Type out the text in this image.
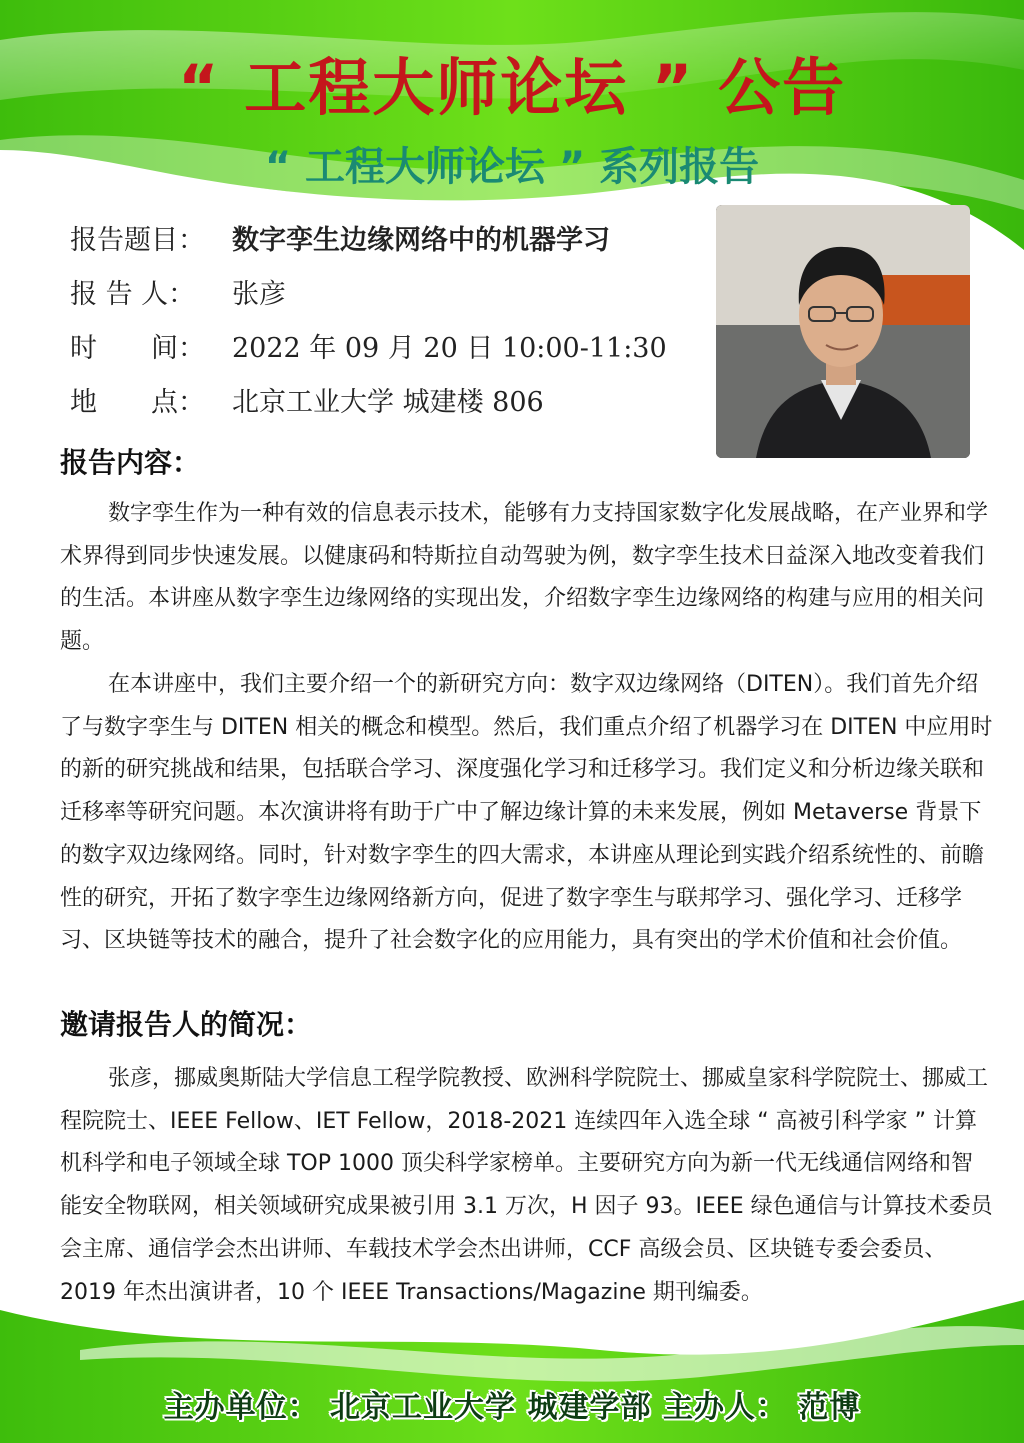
“ 工程大师论坛 ” 公告
“ 工程大师论坛 ” 系列报告
报告题目： 数字孪生边缘网络中的机器学习
报 告 人： 张彦
时　　间： 2022 年 09 月 20 日 10:00-11:30
地　　点： 北京工业大学 城建楼 806
报告内容：

数字孪生作为一种有效的信息表示技术，能够有力支持国家数字化发展战略，在产业界和学术界得到同步快速发展。以健康码和特斯拉自动驾驶为例，数字孪生技术日益深入地改变着我们的生活。本讲座从数字孪生边缘网络的实现出发，介绍数字孪生边缘网络的构建与应用的相关问题。

在本讲座中，我们主要介绍一个的新研究方向：数字双边缘网络（DITEN）。我们首先介绍了与数字孪生与 DITEN 相关的概念和模型。然后，我们重点介绍了机器学习在 DITEN 中应用时的新的研究挑战和结果，包括联合学习、深度强化学习和迁移学习。我们定义和分析边缘关联和迁移率等研究问题。本次演讲将有助于广中了解边缘计算的未来发展，例如 Metaverse 背景下的数字双边缘网络。同时，针对数字孪生的四大需求，本讲座从理论到实践介绍系统性的、前瞻性的研究，开拓了数字孪生边缘网络新方向，促进了数字孪生与联邦学习、强化学习、迁移学习、区块链等技术的融合，提升了社会数字化的应用能力，具有突出的学术价值和社会价值。

邀请报告人的简况：

张彦，挪威奥斯陆大学信息工程学院教授、欧洲科学院院士、挪威皇家科学院院士、挪威工程院院士、IEEE Fellow、IET Fellow，2018-2021 连续四年入选全球 “ 高被引科学家 ” 计算机科学和电子领域全球 TOP 1000 顶尖科学家榜单。主要研究方向为新一代无线通信网络和智能安全物联网，相关领域研究成果被引用 3.1 万次，H 因子 93。IEEE 绿色通信与计算技术委员会主席、通信学会杰出讲师、车载技术学会杰出讲师，CCF 高级会员、区块链专委会委员、2019 年杰出演讲者，10 个 IEEE Transactions/Magazine 期刊编委。

主办单位： 北京工业大学 城建学部 主办人： 范博
